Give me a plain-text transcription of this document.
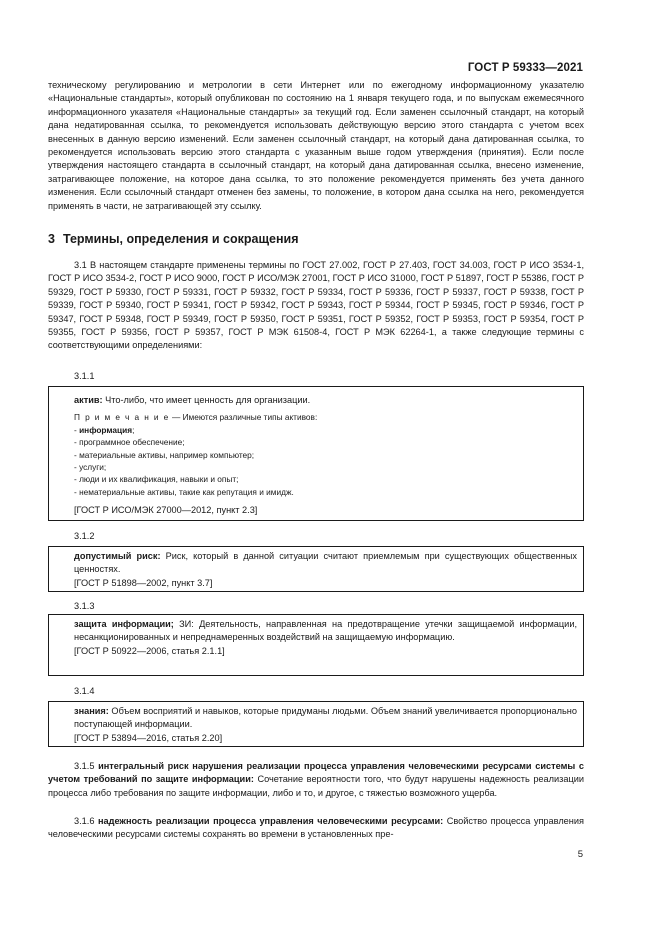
ГОСТ Р 59333—2021

техническому регулированию и метрологии в сети Интернет или по ежегодному информационному указателю «Национальные стандарты», который опубликован по состоянию на 1 января текущего года, и по выпускам ежемесячного информационного указателя «Национальные стандарты» за текущий год. Если заменен ссылочный стандарт, на который дана недатированная ссылка, то рекомендуется использовать действующую версию этого стандарта с учетом всех внесенных в данную версию изменений. Если заменен ссылочный стандарт, на который дана датированная ссылка, то рекомендуется использовать версию этого стандарта с указанным выше годом утверждения (принятия). Если после утверждения настоящего стандарта в ссылочный стандарт, на который дана датированная ссылка, внесено изменение, затрагивающее положение, на которое дана ссылка, то это положение рекомендуется применять без учета данного изменения. Если ссылочный стандарт отменен без замены, то положение, в котором дана ссылка на него, рекомендуется применять в части, не затрагивающей эту ссылку.

3 Термины, определения и сокращения

3.1 В настоящем стандарте применены термины по ГОСТ 27.002, ГОСТ Р 27.403, ГОСТ 34.003, ГОСТ Р ИСО 3534-1, ГОСТ Р ИСО 3534-2, ГОСТ Р ИСО 9000, ГОСТ Р ИСО/МЭК 27001, ГОСТ Р ИСО 31000, ГОСТ Р 51897, ГОСТ Р 55386, ГОСТ Р 59329, ГОСТ Р 59330, ГОСТ Р 59331, ГОСТ Р 59332, ГОСТ Р 59334, ГОСТ Р 59336, ГОСТ Р 59337, ГОСТ Р 59338, ГОСТ Р 59339, ГОСТ Р 59340, ГОСТ Р 59341, ГОСТ Р 59342, ГОСТ Р 59343, ГОСТ Р 59344, ГОСТ Р 59345, ГОСТ Р 59346, ГОСТ Р 59347, ГОСТ Р 59348, ГОСТ Р 59349, ГОСТ Р 59350, ГОСТ Р 59351, ГОСТ Р 59352, ГОСТ Р 59353, ГОСТ Р 59354, ГОСТ Р 59355, ГОСТ Р 59356, ГОСТ Р 59357, ГОСТ Р МЭК 61508-4, ГОСТ Р МЭК 62264-1, а также следующие термины с соответствующими определениями:

3.1.1
актив: Что-либо, что имеет ценность для организации.
П р и м е ч а н и е — Имеются различные типы активов:
- информация;
- программное обеспечение;
- материальные активы, например компьютер;
- услуги;
- люди и их квалификация, навыки и опыт;
- нематериальные активы, такие как репутация и имидж.
[ГОСТ Р ИСО/МЭК 27000—2012, пункт 2.3]
3.1.2
допустимый риск: Риск, который в данной ситуации считают приемлемым при существующих общественных ценностях.
[ГОСТ Р 51898—2002, пункт 3.7]
3.1.3
защита информации; ЗИ: Деятельность, направленная на предотвращение утечки защищаемой информации, несанкционированных и непреднамеренных воздействий на защищаемую информацию.
[ГОСТ Р 50922—2006, статья 2.1.1]
3.1.4
знания: Объем восприятий и навыков, которые придуманы людьми. Объем знаний увеличивается пропорционально поступающей информации.
[ГОСТ Р 53894—2016, статья 2.20]

3.1.5 интегральный риск нарушения реализации процесса управления человеческими ресурсами системы с учетом требований по защите информации: Сочетание вероятности того, что будут нарушены надежность реализации процесса либо требования по защите информации, либо и то, и другое, с тяжестью возможного ущерба.

3.1.6 надежность реализации процесса управления человеческими ресурсами: Свойство процесса управления человеческими ресурсами системы сохранять во времени в установленных пре-

5
